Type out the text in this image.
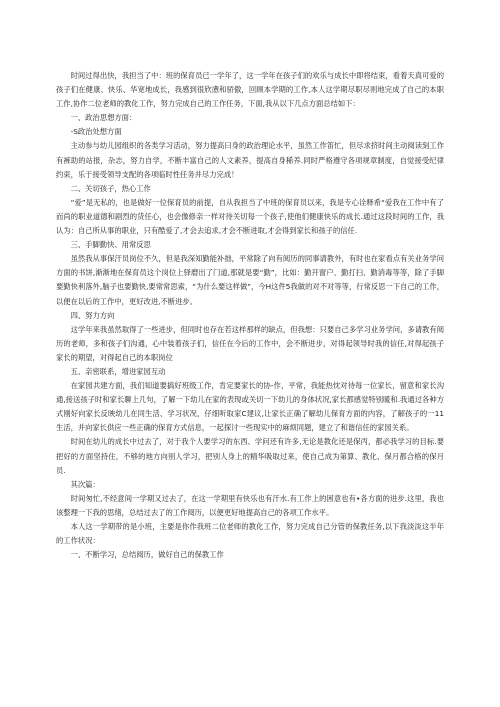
时间过得出快，我担当了中：班的保育员已一学年了，这一学年在孩子们的欢乐与成长中即将结束，看着天真可爱的孩子们在健康、快乐、华宽地成长，我感到很欣懑和骄傲，回顾本学期的工作,本人这学期尽职尽则地完成了自己的本职工作,协作二位老师的教化工作，努力完成自己的工作任务，下面,我从以下几点方面总结如下：

一、政治思想方面：

-S政治处想方面

主动参与幼儿园组织的各类学习活动，努力提高曰身的政治理论水平，虽然工作笛忙，但尽求挤时间主动阅读刻工作有裤助的站报，杂志，努力自学，不断丰富自己的人文素养，提高自身稀养.同时严格遵守各项规章制度，自觉接受纪律约束，乐于接受领导支配的各项临时性任务并尽力完成！

二、关切孩子，热心工作

“爱”是无私的，也是做好一位保育员的前提，自从我担当了中班的保育员以来，我是专心诠释希“爱我在工作中有了而尚的职业道德和剧烈的货任心，也会像修亲一样对待关切每一个孩子,使他们健康快乐的成长.通过这段时间的工作，我认为：自己所从事的职业，只有酷爱了,才会去追求,才会不断进取,才会得到家长和孩子的信任.

三、手脚勤快、用常反思

虽然我从事保汗员岗位不久，但是我深知勤能补拙，平常除了向有阅历的同事请教外，有时也在家看点有关业务学问方面的书饼,渐渐地在保育员这个岗位上驿磨出了门道,那就是要“勤”，比如：勤开窗户、勤打扫、勤消毒等等，除了手脚要勤快利落外,脑子也要勤快,要常常思索，“为什么要这样做”，今H这件5我做的对不对等等，行常反思一下自己的工作，以便在以后的工作中，更好改进,不断进步。

四、努力方向

这学年来我虽然取得了一些进步，但同时也存在若这样那样的缺点，但我想：只要自己多学习业务学问，多请教有阅历的老师，多和孩子们沟通，心中装着孩子们，信任在今后的工作中，会不断进步，对得起领导时我的信任,对得起孩子家长的期望，对得起自己的本职岗位

五、亲密联系，增进家园互动

在家园共建方面，我们知道要搞好班级工作，肯定要家长的协-作，平常，我能热忱对待每一位家长，留意和家长沟通,接送孩子时和家长聊上几句，了解一下幼儿在家的表现或关切一下幼儿的身体状况,家长都感觉特别暖和.我通过各种方式刚好向家长反映幼儿在同生活、学习状况，仔细听取家C建议,让家长正确了解幼儿保育方面的内容，了解孩子的一11生活，并向家长供应一些正确的保育方式信息，一起探讨一些现实中的麻烦同题，建立了和谐信任的家园关系。

时间在幼儿的成长中过去了，对于我个人要学习的东西、学问还有许多,无论是教化还是保丙，都必我学习的目标.要把好的方面坚持住，不够的地方向别人学习，把别人身上的精华吸取过来，使自己成为第算、教化、保月都合格的保月员.

其次篇：

时间匆忙,不经意间一学期又过去了，在这一学期里有快乐也有汗水.有工作上的困意也有•各方面的进步.这里，我也该整理一下我的思绪，总结过去了的工作阅历，以便更好地提高自己的各项工作水平。

本人这一学期带的是小班，主要是你作我班二位老师的教化工作，努力完成自己分管的保教任务,以下我淡淡这半年的工作状况：

一、不断学习，总结阅历，做好自己的保教工作
